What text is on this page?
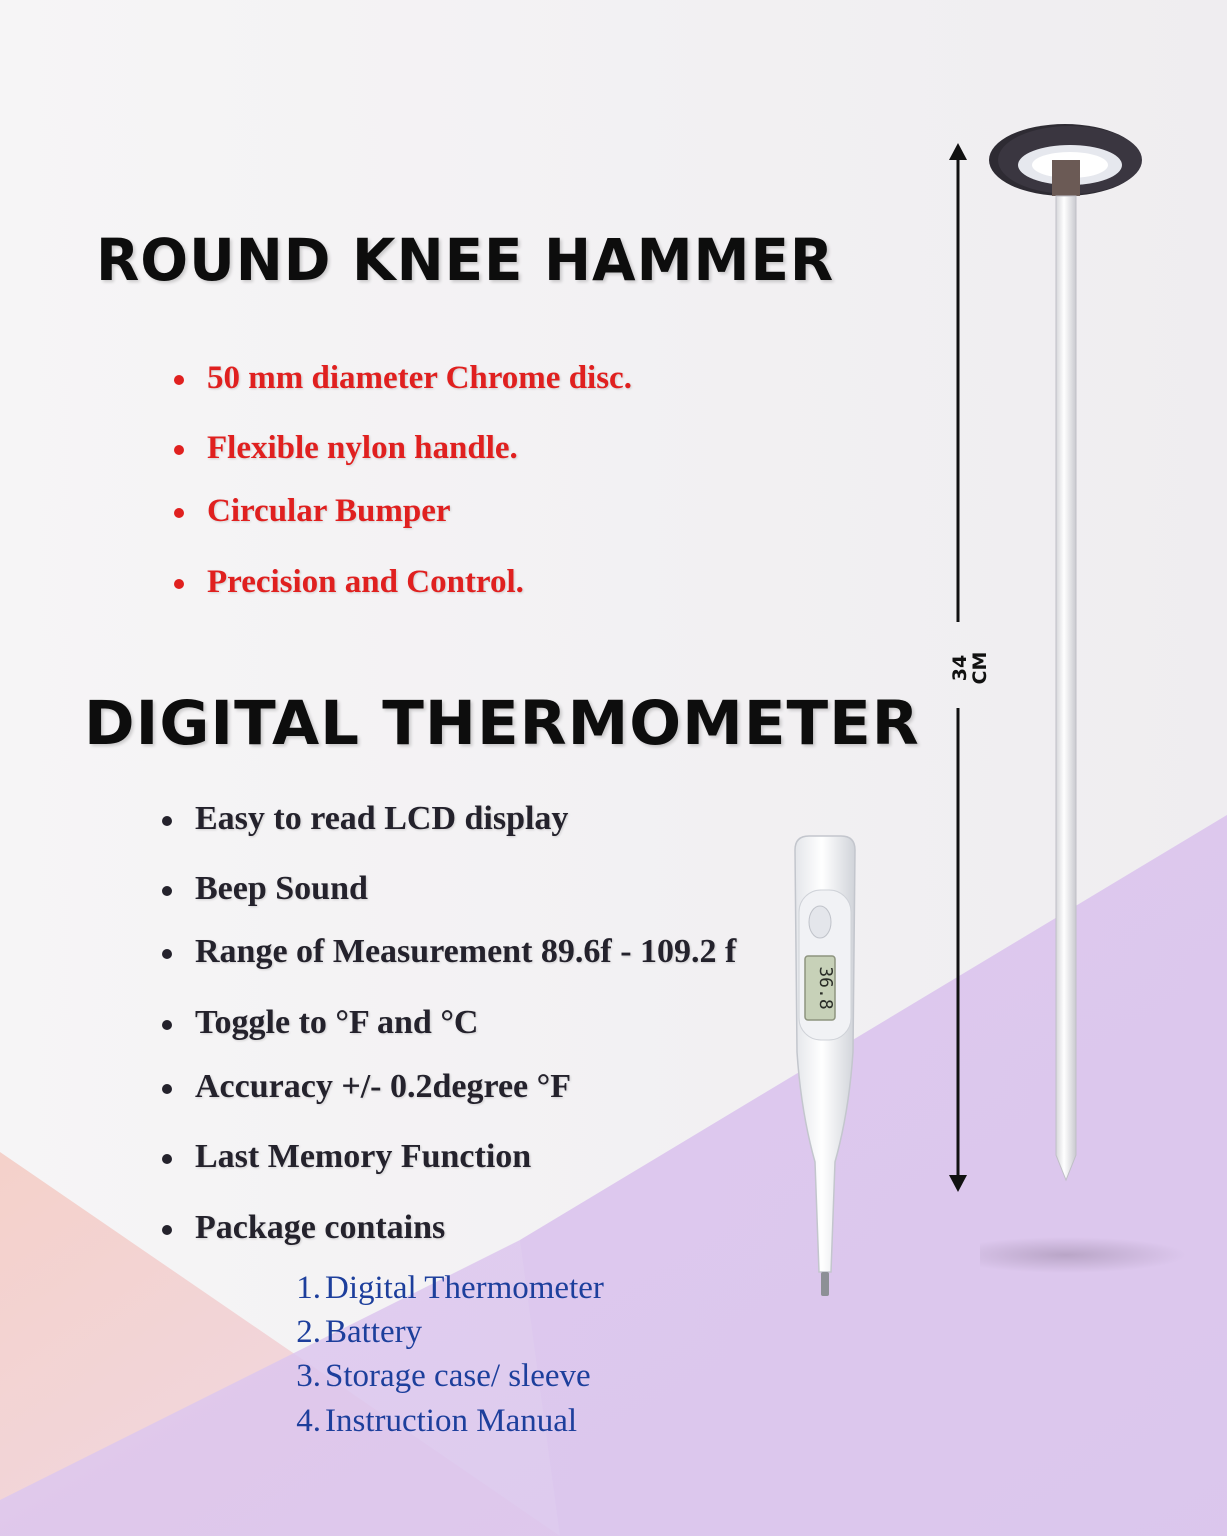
ROUND KNEE HAMMER
50 mm diameter Chrome disc.
Flexible nylon handle.
Circular Bumper
Precision and Control.
DIGITAL THERMOMETER
Easy to read LCD display
Beep Sound
Range of Measurement 89.6f - 109.2 f
Toggle to °F and °C
Accuracy +/- 0.2degree °F
Last Memory Function
Package contains
1. Digital Thermometer
2. Battery
3. Storage case/ sleeve
4. Instruction Manual
34 CM
36.8
